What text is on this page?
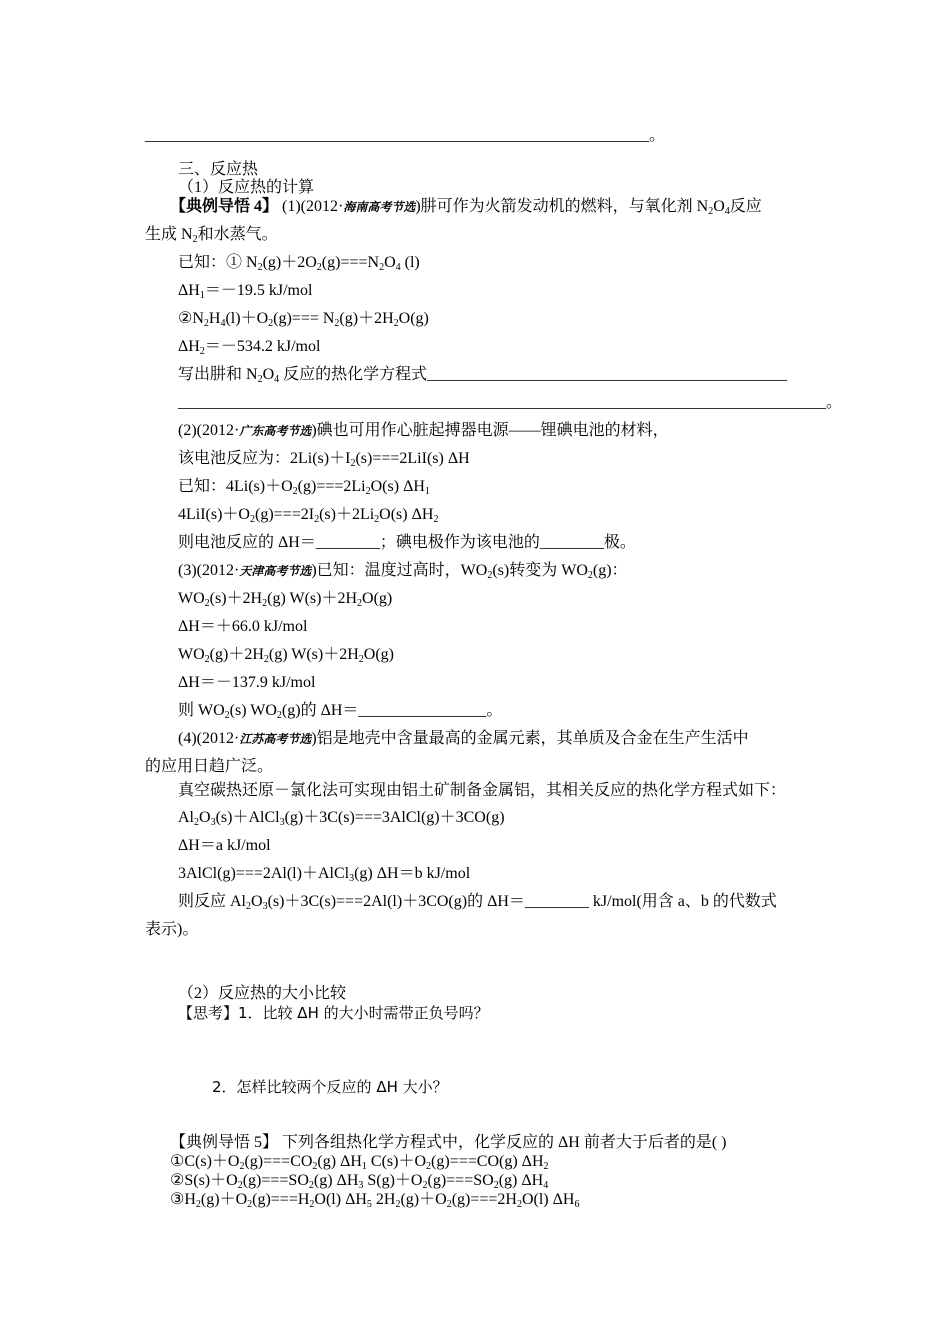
_______________________________________________________________。
三、反应热
（1）反应热的计算
【典例导悟 4】 (1)(2012·海南高考节选)肼可作为火箭发动机的燃料，与氧化剂 $N_2O_4$反应
生成 $N_2$和水蒸气。
已知：① $N_2(g)+2O_2(g)===N_2O_4$ (l)
$\Delta H_1=-19.5$ kJ/mol
$②N_2H_4(l)+O_2(g)=== N_2(g)+2H_2O(g)$
$\Delta H_2=-534.2$ kJ/mol
写出肼和 $N_2O_4$ 反应的热化学方程式_____________________________________________
_________________________________________________________________________________。
(2)(2012·广东高考节选)碘也可用作心脏起搏器电源——锂碘电池的材料，
该电池反应为：$2Li(s)+I_2(s)===2LiI(s)$ ΔH
已知：$4Li(s)+O_2(g)===2Li_2O(s)$ $\Delta H_1$
$4LiI(s)+O_2(g)===2I_2(s)+2Li_2O(s)$ $\Delta H_2$
则电池反应的 ΔH＝________；碘电极作为该电池的________极。
(3)(2012·天津高考节选)已知：温度过高时，$WO_2(s)$转变为 $WO_2(g)$：
$WO_2(s)+2H_2(g)$ $W(s)+2H_2O(g)$
ΔH＝＋66.0 kJ/mol
$WO_2(g)+2H_2(g)$ $W(s)+2H_2O(g)$
ΔH＝－137.9 kJ/mol
则 $WO_2(s)$ $WO_2(g)$的 ΔH＝________________。
(4)(2012·江苏高考节选)铝是地壳中含量最高的金属元素，其单质及合金在生产生活中
的应用日趋广泛。
真空碳热还原－氯化法可实现由铝土矿制备金属铝，其相关反应的热化学方程式如下：
$Al_2O_3(s)+AlCl_3(g)+3C(s)===3AlCl(g)+3CO(g)$
ΔH＝a kJ/mol
3AlCl(g)===2Al(l)＋AlCl$_3$(g) ΔH＝b kJ/mol
则反应 $Al_2O_3(s)+3C(s)===2Al(l)+3CO(g)$的 ΔH＝________ kJ/mol(用含 a、b 的代数式
表示)。
（2）反应热的大小比较
【思考】1．比较 ΔH 的大小时需带正负号吗？
2．怎样比较两个反应的 ΔH 大小？
【典例导悟 5】 下列各组热化学方程式中，化学反应的 ΔH 前者大于后者的是( )
$①C(s)+O_2(g)===CO_2(g)$ $\Delta H_1$ $C(s)+O_2(g)===CO(g)$ $\Delta H_2$
$②S(s)+O_2(g)===SO_2(g)$ $\Delta H_3$ $S(g)+O_2(g)===SO_2(g)$ $\Delta H_4$
$③H_2(g)+O_2(g)===H_2O(l)$ $\Delta H_5$ $2H_2(g)+O_2(g)===2H_2O(l)$ $\Delta H_6$
